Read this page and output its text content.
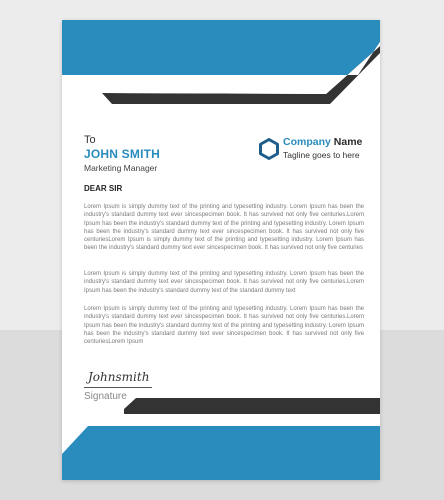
To
JOHN SMITH
Marketing Manager
Company Name
Tagline goes to here
DEAR SIR

Lorem Ipsum is simply dummy text of the printing and typesetting industry. Lorem Ipsum has been the industry's standard dummy text ever sincespecimen book. It has survived not only five centuries.Lorem Ipsum has been the industry's standard dummy text of the printing and typesetting industry. Lorem Ipsum has been the industry's standard dummy text ever sincespecimen book. It has survived not only five centuriesLorem Ipsum is simply dummy text of the printing and typesetting industry. Lorem Ipsum has been the industry's standard dummy text ever sincespecimen book. It has survived not only five centuries

Lorem Ipsum is simply dummy text of the printing and typesetting industry. Lorem Ipsum has been the industry's standard dummy text ever sincespecimen book. It has survived not only five centuries.Lorem Ipsum has been the industry's standard dummy text of the standard dummy text

Lorem Ipsum is simply dummy text of the printing and typesetting industry. Lorem Ipsum has been the industry's standard dummy text ever sincespecimen book. It has survived not only five centuries.Lorem Ipsum has been the industry's standard dummy text of the printing and typesetting industry. Lorem Ipsum has been the industry's standard dummy text ever sincespecimen book. It has survived not only five centuriesLorem Ipsum

Johnsmith
Signature
